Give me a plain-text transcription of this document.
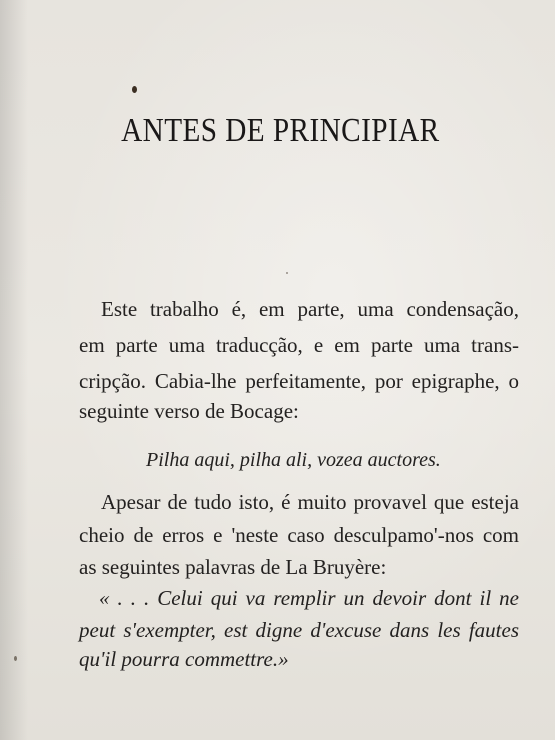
ANTES DE PRINCIPIAR
Este trabalho é, em parte, uma condensação,
em parte uma traducção, e em parte uma trans-
cripção. Cabia-lhe perfeitamente, por epigraphe, o
seguinte verso de Bocage:
Pilha aqui, pilha ali, vozea auctores.
Apesar de tudo isto, é muito provavel que esteja
cheio de erros e 'neste caso desculpamo'-nos com
as seguintes palavras de La Bruyère:
« . . . Celui qui va remplir un devoir dont il ne
peut s'exempter, est digne d'excuse dans les fautes
qu'il pourra commettre.»
